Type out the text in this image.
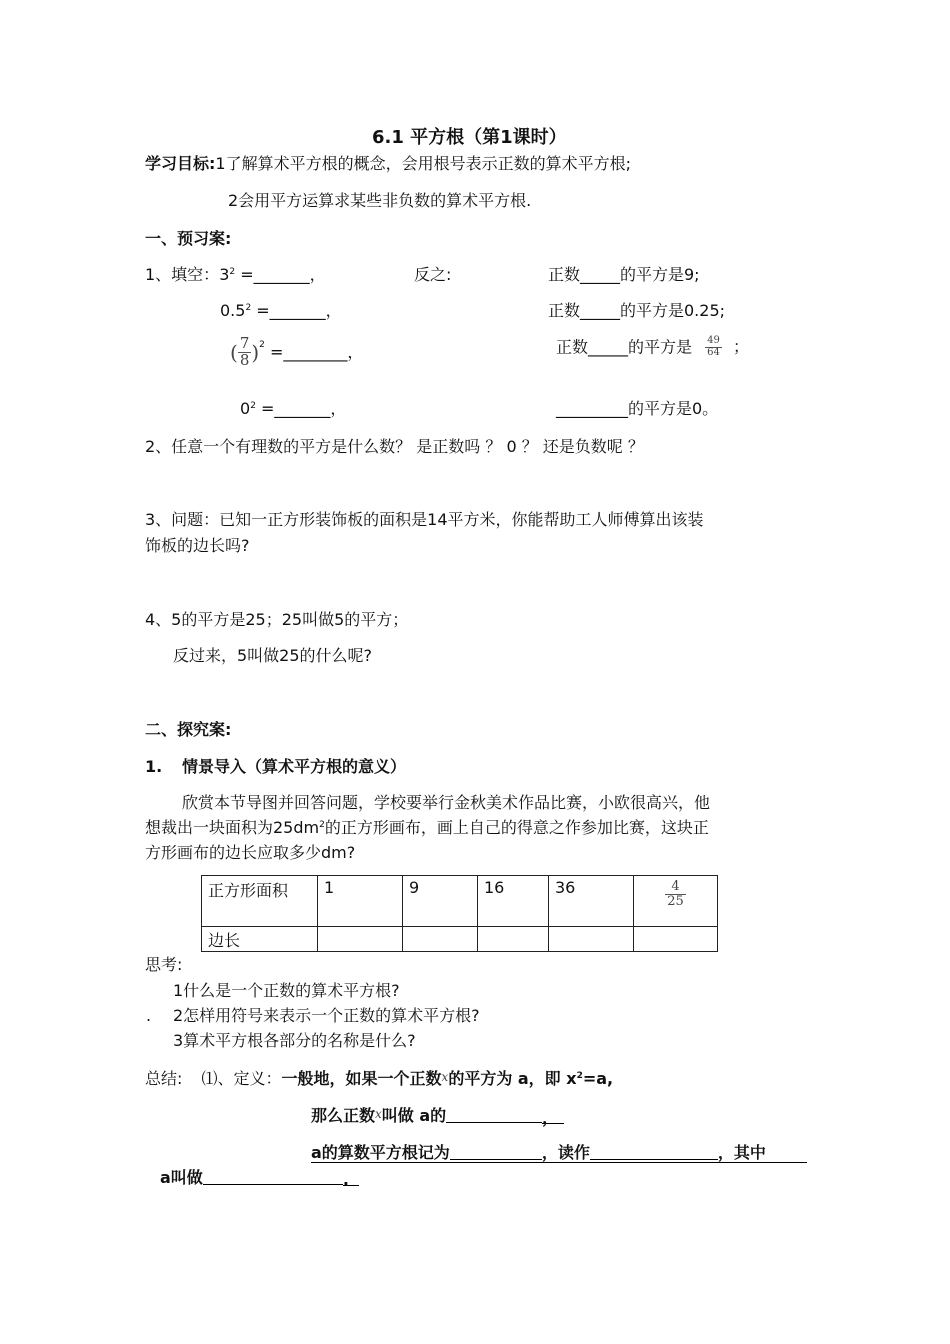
6.1 平方根（第1课时）
学习目标:1了解算术平方根的概念，会用根号表示正数的算术平方根;
2会用平方运算求某些非负数的算术平方根.
一、预习案:
1、填空：$3^2$ =_______，	反之:	正数_____的平方是9;
$0.5^2$ =_______，	正数_____的平方是0.25;
( $\frac{7}{8} )^2$ =________，	正数_____的平方是 $\frac{49}{64}$ ；
$0^2$ =_______，	_________的平方是0。
2、任意一个有理数的平方是什么数？ 是正数吗 ？ 0 ？ 还是负数呢 ？
3、问题：已知一正方形装饰板的面积是14平方米，你能帮助工人师傅算出该装
饰板的边长吗?
4、5的平方是25；25叫做5的平方；
反过来，5叫做25的什么呢?
二、探究案:
1. 情景导入（算术平方根的意义）
欣赏本节导图并回答问题，学校要举行金秋美术作品比赛，小欧很高兴，他
想裁出一块面积为$25dm^2$的正方形画布，画上自己的得意之作参加比赛，这块正
方形画布的边长应取多少dm?
正方形面积	1	9	16	36	$\frac{4}{25}$

边长					
思考:
1什么是一个正数的算术平方根?
. 2怎样用符号来表示一个正数的算术平方根?
3算术平方根各部分的名称是什么?
总结: ⑴、定义：一般地，如果一个正数x的平方为 a，即 $x^2=a$,
那么正数x叫做 a的	，
a的算数平方根记为	，读作	，其中
a叫做	.
